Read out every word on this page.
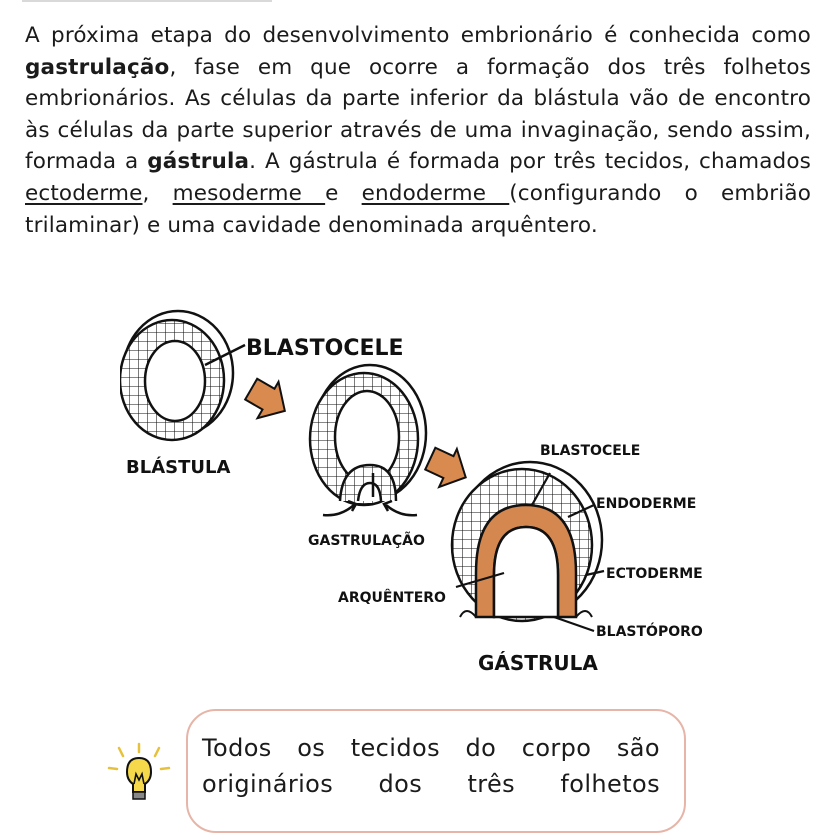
A próxima etapa do desenvolvimento embrionário é conhecida como gastrulação, fase em que ocorre a formação dos três folhetos embrionários. As células da parte inferior da blástula vão de encontro às células da parte superior através de uma invaginação, sendo assim, formada a gástrula. A gástrula é formada por três tecidos, chamados ectoderme, mesoderme e endoderme (configurando o embrião trilaminar) e uma cavidade denominada arquêntero.

BLASTOCELE
BLÁSTULA
GASTRULAÇÃO
BLASTOCELE
ENDODERME
ECTODERME
ARQUÊNTERO
BLASTÓPORO
GÁSTRULA
Todos os tecidos do corpo são originários dos três folhetos
